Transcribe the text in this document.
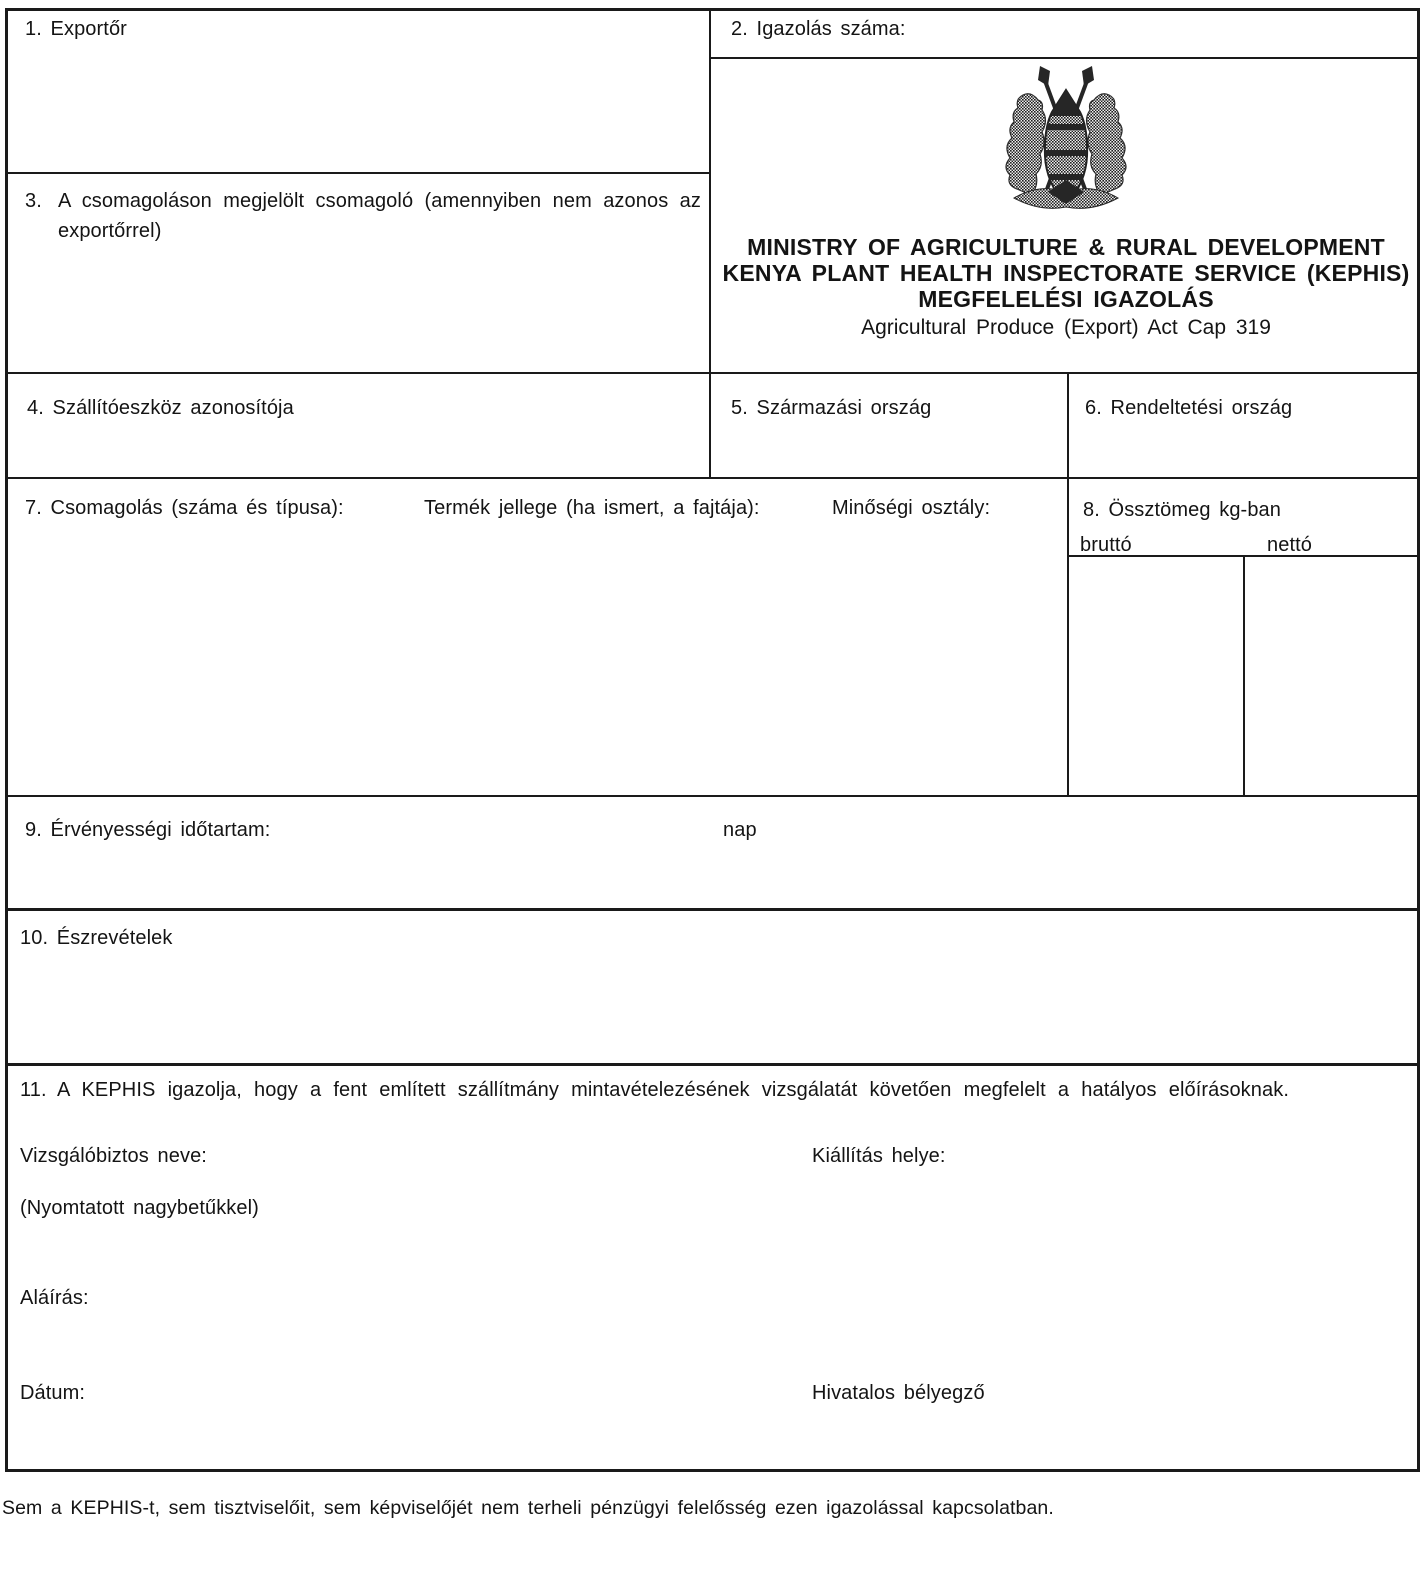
1. Exportőr	2. Igazolás száma:
MINISTRY OF AGRICULTURE & RURAL DEVELOPMENT
KENYA PLANT HEALTH INSPECTORATE SERVICE (KEPHIS)
MEGFELELÉSI IGAZOLÁS
Agricultural Produce (Export) Act Cap 319
3. A csomagoláson megjelölt csomagoló (amennyiben nem azonos az exportőrrel)
4. Szállítóeszköz azonosítója	5. Származási ország	6. Rendeltetési ország
7. Csomagolás (száma és típusa):	Termék jellege (ha ismert, a fajtája):	Minőségi osztály:	8. Össztömeg kg-ban
bruttó	nettó
9. Érvényességi időtartam:	nap
10. Észrevételek
11. A KEPHIS igazolja, hogy a fent említett szállítmány mintavételezésének vizsgálatát követően megfelelt a hatályos előírásoknak.
Vizsgálóbiztos neve:	Kiállítás helye:
(Nyomtatott nagybetűkkel)
Aláírás:
Dátum:	Hivatalos bélyegző
Sem a KEPHIS-t, sem tisztviselőit, sem képviselőjét nem terheli pénzügyi felelősség ezen igazolással kapcsolatban.
